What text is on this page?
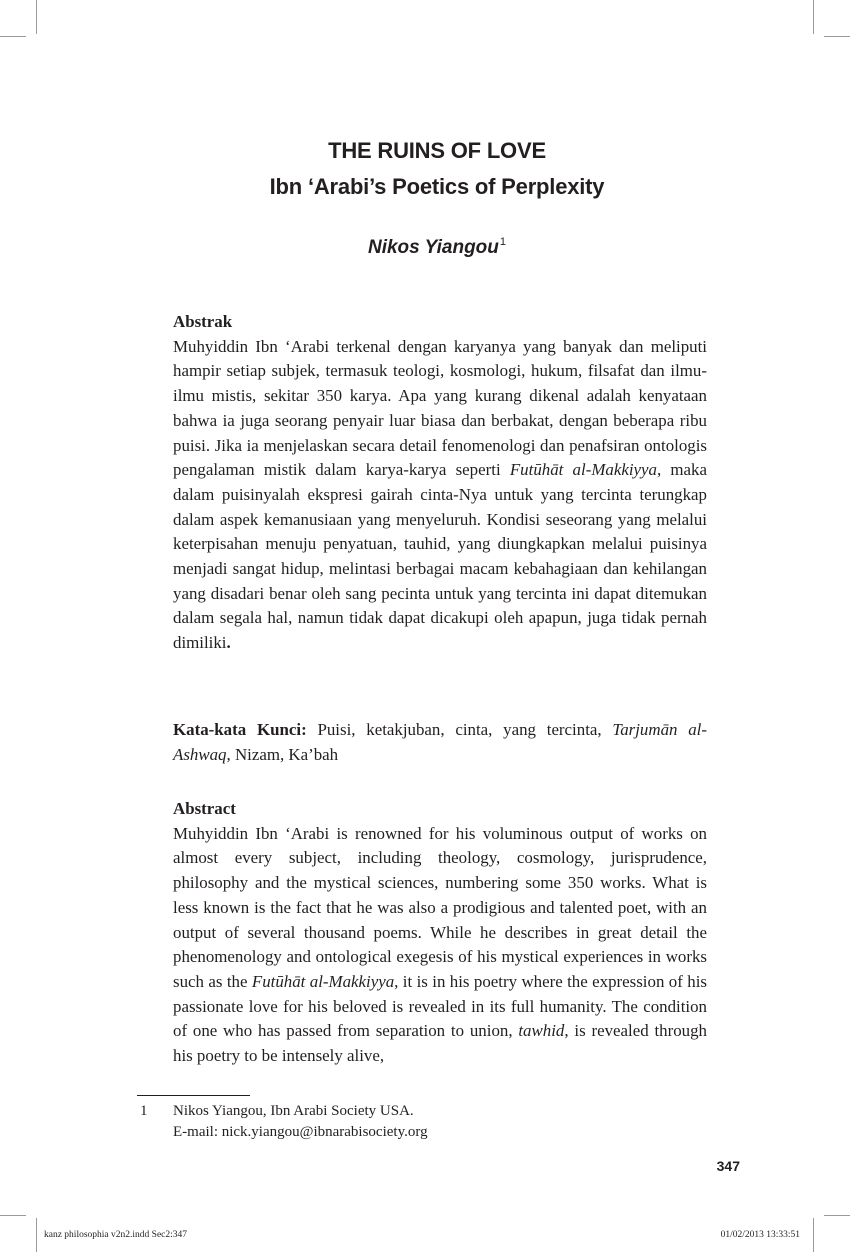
THE RUINS OF LOVE
Ibn ‘Arabi’s Poetics of Perplexity
Nikos Yiangou$^1$
Abstrak

Muhyiddin Ibn ‘Arabi terkenal dengan karyanya yang banyak dan meliputi hampir setiap subjek, termasuk teologi, kosmologi, hukum, filsafat dan ilmu-ilmu mistis, sekitar 350 karya. Apa yang kurang dikenal adalah kenyataan bahwa ia juga seorang penyair luar biasa dan berbakat, dengan beberapa ribu puisi. Jika ia menjelaskan secara detail fenomenologi dan penafsiran ontologis pengalaman mistik dalam karya-karya seperti Futūhāt al-Makkiyya, maka dalam puisinyalah ekspresi gairah cinta-Nya untuk yang tercinta terungkap dalam aspek kemanusiaan yang menyeluruh. Kondisi seseorang yang melalui keterpisahan menuju penyatuan, tauhid, yang diungkapkan melalui puisinya menjadi sangat hidup, melintasi berbagai macam kebahagiaan dan kehilangan yang disadari benar oleh sang pecinta untuk yang tercinta ini dapat ditemukan dalam segala hal, namun tidak dapat dicakupi oleh apapun, juga tidak pernah dimiliki.

Kata-kata Kunci: Puisi, ketakjuban, cinta, yang tercinta, Tarjumān al-Ashwaq, Nizam, Ka’bah

Abstract

Muhyiddin Ibn ‘Arabi is renowned for his voluminous output of works on almost every subject, including theology, cosmology, jurisprudence, philosophy and the mystical sciences, numbering some 350 works. What is less known is the fact that he was also a prodigious and talented poet, with an output of several thousand poems. While he describes in great detail the phenomenology and ontological exegesis of his mystical experiences in works such as the Futūhāt al-Makkiyya, it is in his poetry where the expression of his passionate love for his beloved is revealed in its full humanity. The condition of one who has passed from separation to union, tawhid, is revealed through his poetry to be intensely alive,

1 Nikos Yiangou, Ibn Arabi Society USA.
E-mail: nick.yiangou@ibnarabisociety.org
347
kanz philosophia v2n2.indd Sec2:347	01/02/2013 13:33:51
